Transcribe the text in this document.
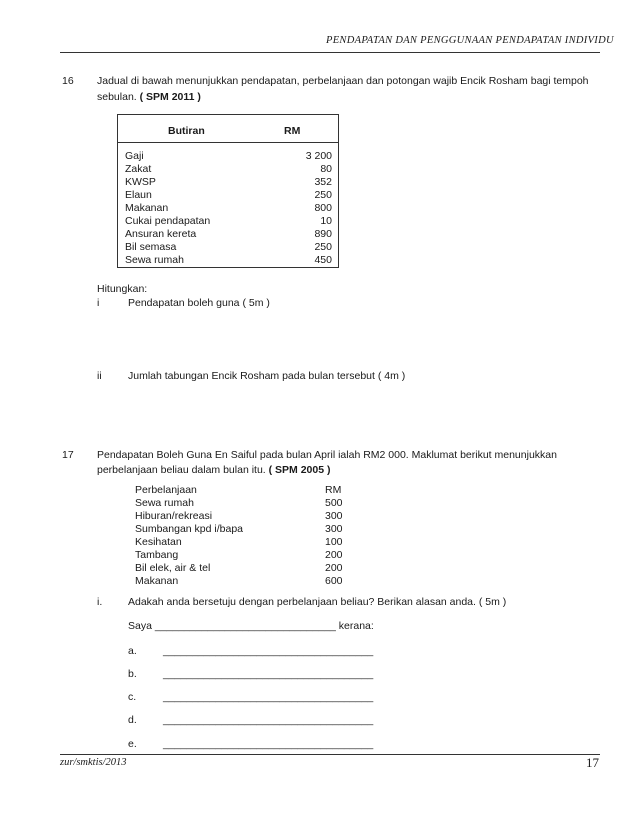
PENDAPATAN DAN PENGGUNAAN PENDAPATAN INDIVIDU
16 Jadual di bawah menunjukkan pendapatan, perbelanjaan dan potongan wajib Encik Rosham bagi tempoh
sebulan. ( SPM 2011 )
Butiran	RM
Gaji	3 200
Zakat	80
KWSP	352
Elaun	250
Makanan	800
Cukai pendapatan	10
Ansuran kereta	890
Bil semasa	250
Sewa rumah	450
Hitungkan:
i	Pendapatan boleh guna ( 5m )
ii	Jumlah tabungan Encik Rosham pada bulan tersebut ( 4m )
17 Pendapatan Boleh Guna En Saiful pada bulan April ialah RM2 000. Maklumat berikut menunjukkan
perbelanjaan beliau dalam bulan itu. ( SPM 2005 )
Perbelanjaan	RM
Sewa rumah	500
Hiburan/rekreasi	300
Sumbangan kpd i/bapa	300
Kesihatan	100
Tambang	200
Bil elek, air & tel	200
Makanan	600
i. Adakah anda bersetuju dengan perbelanjaan beliau? Berikan alasan anda. ( 5m )
Saya _______________________________ kerana:
a. ____________________________________
b. ____________________________________
c.	____________________________________
d. ____________________________________
e. ____________________________________
zur/smktis/2013	17
